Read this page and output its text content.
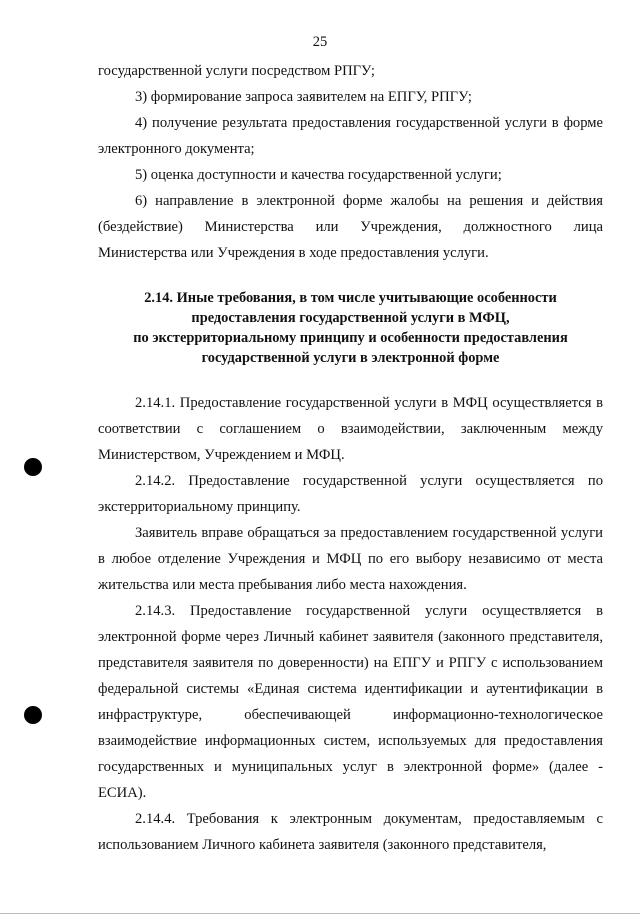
25

государственной услуги посредством РПГУ;

3) формирование запроса заявителем на ЕПГУ, РПГУ;

4) получение результата предоставления государственной услуги в форме электронного документа;

5) оценка доступности и качества государственной услуги;

6) направление в электронной форме жалобы на решения и действия (бездействие) Министерства или Учреждения, должностного лица Министерства или Учреждения в ходе предоставления услуги.

2.14. Иные требования, в том числе учитывающие особенности
предоставления государственной услуги в МФЦ,
по экстерриториальному принципу и особенности предоставления
государственной услуги в электронной форме

2.14.1. Предоставление государственной услуги в МФЦ осуществляется в соответствии с соглашением о взаимодействии, заключенным между Министерством, Учреждением и МФЦ.

2.14.2. Предоставление государственной услуги осуществляется по экстерриториальному принципу.

Заявитель вправе обращаться за предоставлением государственной услуги в любое отделение Учреждения и МФЦ по его выбору независимо от места жительства или места пребывания либо места нахождения.

2.14.3. Предоставление государственной услуги осуществляется в электронной форме через Личный кабинет заявителя (законного представителя, представителя заявителя по доверенности) на ЕПГУ и РПГУ с использованием федеральной системы «Единая система идентификации и аутентификации в инфраструктуре, обеспечивающей информационно-технологическое взаимодействие информационных систем, используемых для предоставления государственных и муниципальных услуг в электронной форме» (далее - ЕСИА).

2.14.4. Требования к электронным документам, предоставляемым с использованием Личного кабинета заявителя (законного представителя,
